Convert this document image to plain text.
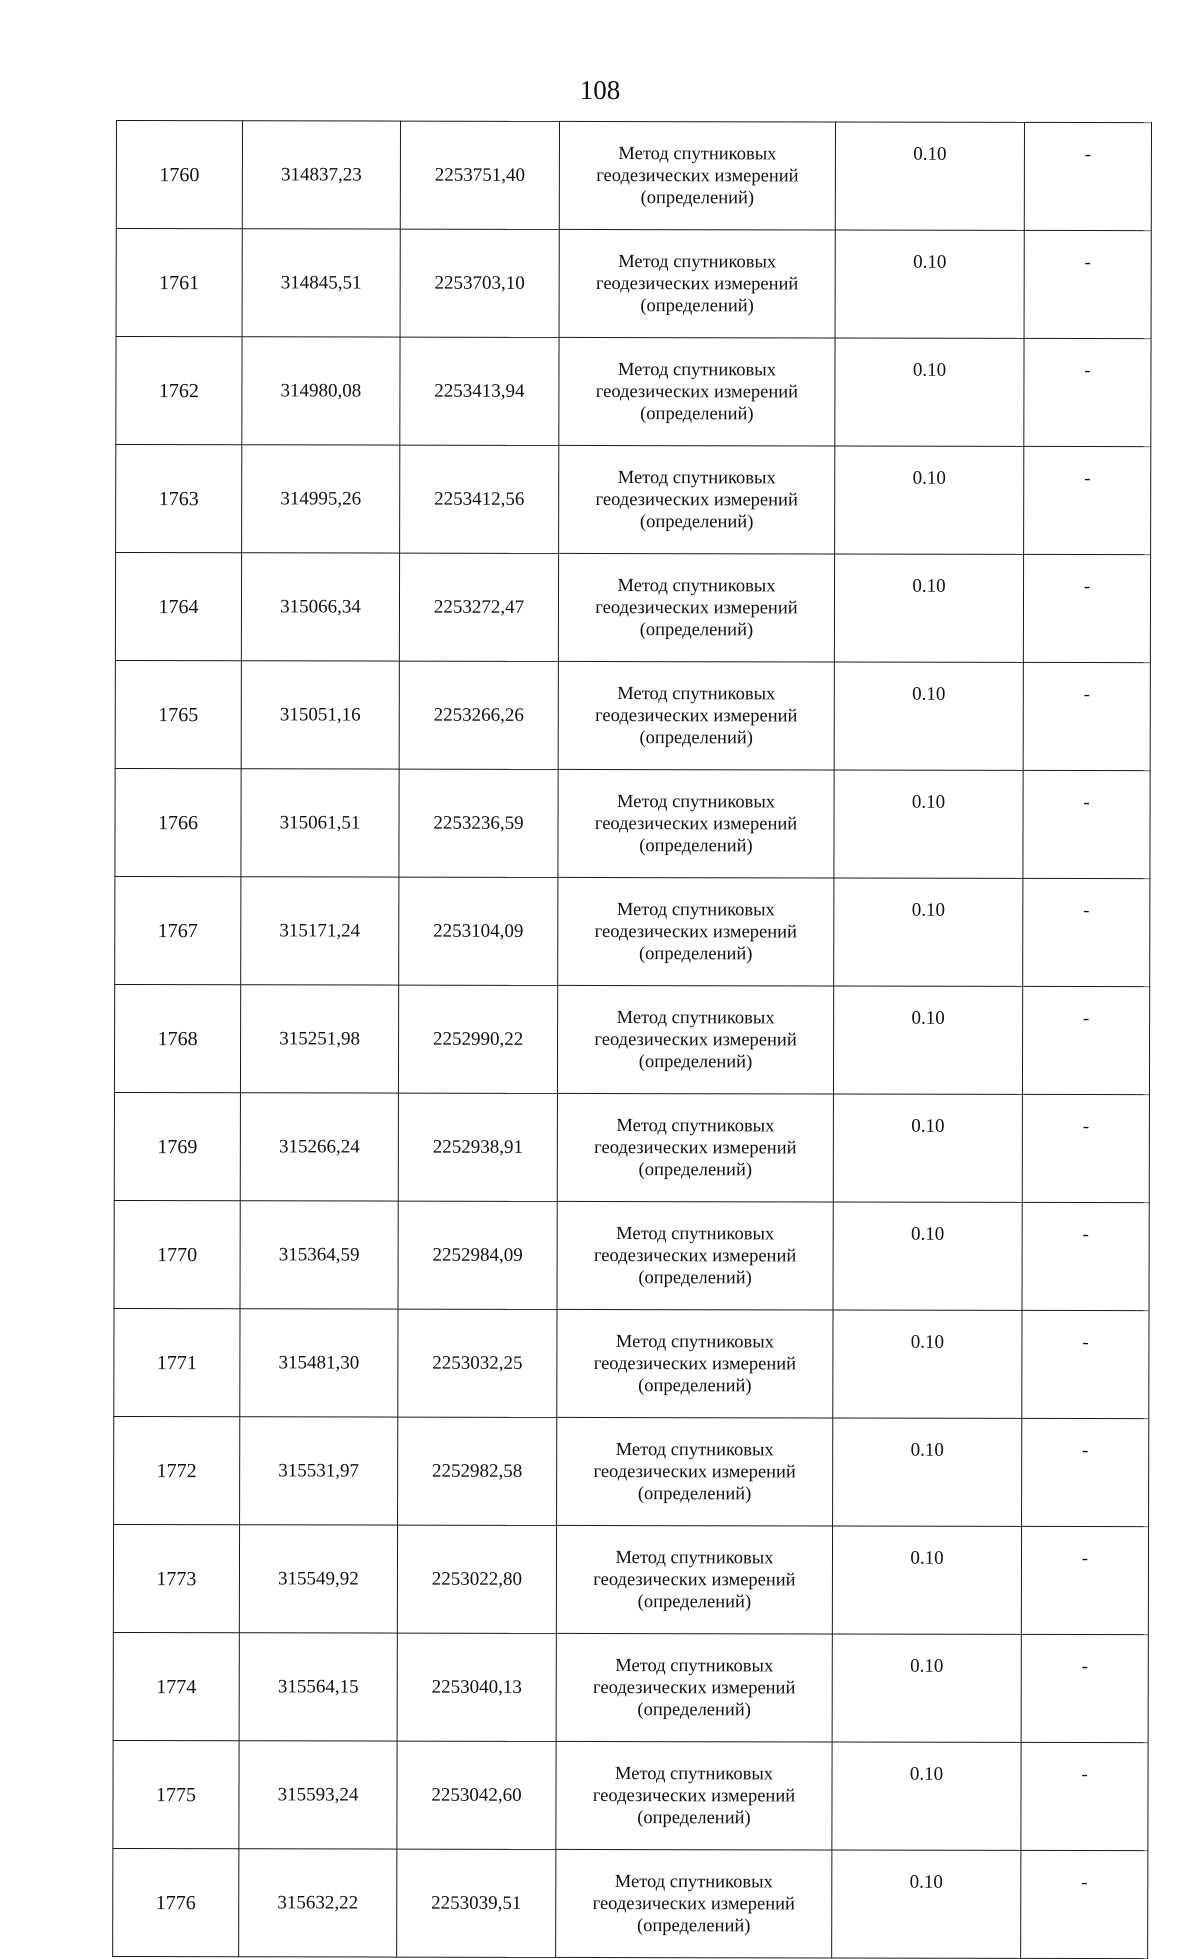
108
1760	314837,23	2253751,40	Метод спутниковых
геодезических измерений
(определений)	0.10	-
1761	314845,51	2253703,10	Метод спутниковых
геодезических измерений
(определений)	0.10	-
1762	314980,08	2253413,94	Метод спутниковых
геодезических измерений
(определений)	0.10	-
1763	314995,26	2253412,56	Метод спутниковых
геодезических измерений
(определений)	0.10	-
1764	315066,34	2253272,47	Метод спутниковых
геодезических измерений
(определений)	0.10	-
1765	315051,16	2253266,26	Метод спутниковых
геодезических измерений
(определений)	0.10	-
1766	315061,51	2253236,59	Метод спутниковых
геодезических измерений
(определений)	0.10	-
1767	315171,24	2253104,09	Метод спутниковых
геодезических измерений
(определений)	0.10	-
1768	315251,98	2252990,22	Метод спутниковых
геодезических измерений
(определений)	0.10	-
1769	315266,24	2252938,91	Метод спутниковых
геодезических измерений
(определений)	0.10	-
1770	315364,59	2252984,09	Метод спутниковых
геодезических измерений
(определений)	0.10	-
1771	315481,30	2253032,25	Метод спутниковых
геодезических измерений
(определений)	0.10	-
1772	315531,97	2252982,58	Метод спутниковых
геодезических измерений
(определений)	0.10	-
1773	315549,92	2253022,80	Метод спутниковых
геодезических измерений
(определений)	0.10	-
1774	315564,15	2253040,13	Метод спутниковых
геодезических измерений
(определений)	0.10	-
1775	315593,24	2253042,60	Метод спутниковых
геодезических измерений
(определений)	0.10	-
1776	315632,22	2253039,51	Метод спутниковых
геодезических измерений
(определений)	0.10	-
